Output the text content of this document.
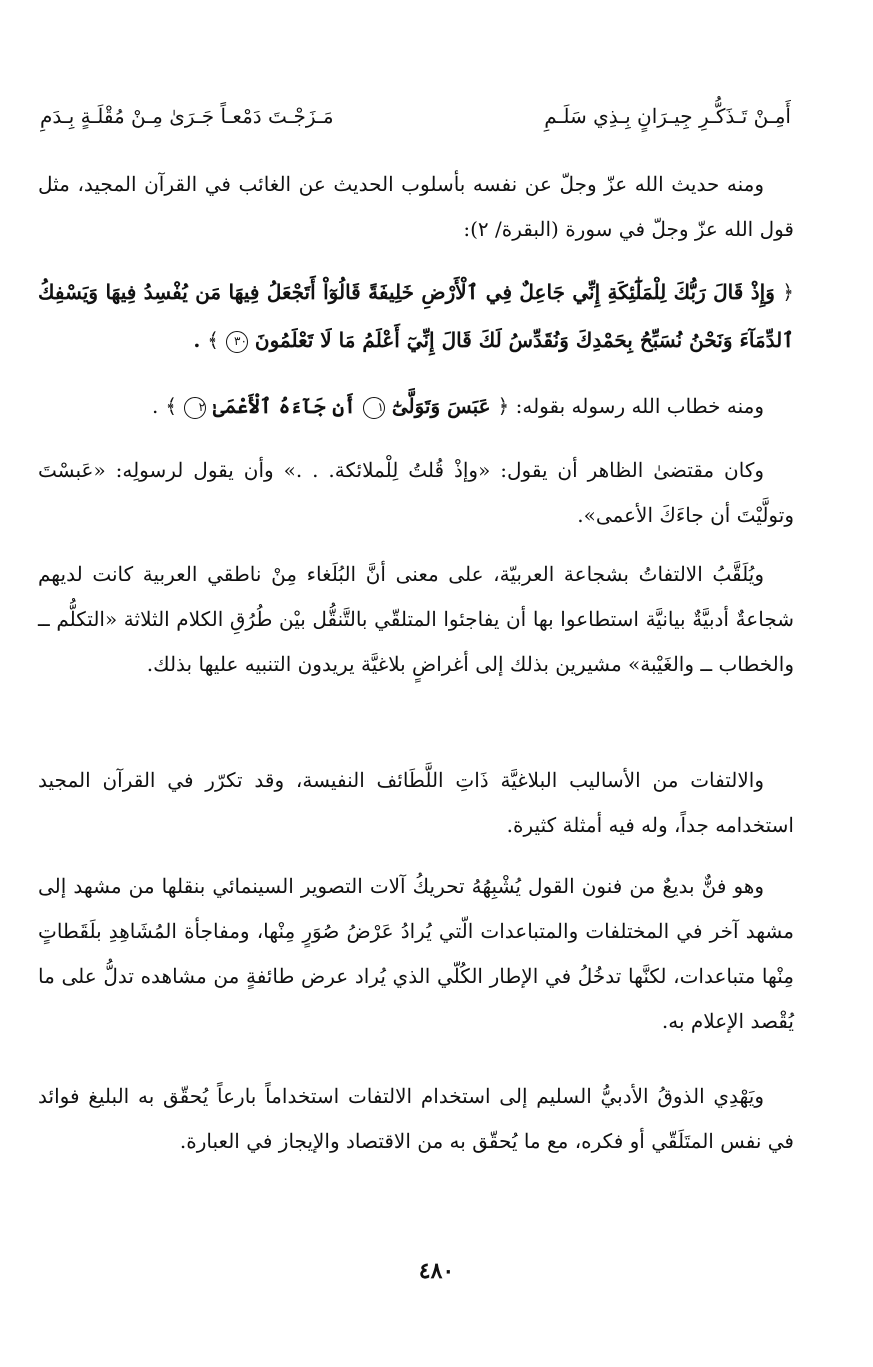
أَمِـنْ تَـذَكُّـرِ جِيـرَانٍ بِـذِي سَلَـمِ
مَـزَجْـتَ دَمْعـاً جَـرَىٰ مِـنْ مُقْلَـةٍ بِـدَمِ

ومنه حديث الله عزّ وجلّ عن نفسه بأسلوب الحديث عن الغائب في القرآن المجيد، مثل قول الله عزّ وجلّ في سورة (البقرة/ ٢):

﴿ وَإِذْ قَالَ رَبُّكَ لِلْمَلَٰٓئِكَةِ إِنِّي جَاعِلٌ فِي ٱلْأَرْضِ خَلِيفَةً قَالُوٓاْ أَتَجْعَلُ فِيهَا مَن يُفْسِدُ فِيهَا وَيَسْفِكُ ٱلدِّمَآءَ وَنَحْنُ نُسَبِّحُ بِحَمْدِكَ وَنُقَدِّسُ لَكَ قَالَ إِنِّيٓ أَعْلَمُ مَا لَا تَعْلَمُونَ ٣٠ ﴾ .

ومنه خطاب الله رسوله بقوله: ﴿ عَبَسَ وَتَوَلَّىٰٓ ١ أَن جَآءَهُ ٱلْأَعْمَىٰ ٢ ﴾ .

وكان مقتضىٰ الظاهر أن يقول: «وإذْ قُلتُ لِلْملائكة. . .» وأن يقول لرسولِه: «عَبسْتَ وتولَّيْتَ أن جاءَكَ الأعمى».

ويُلَقَّبُ الالتفاتُ بشجاعة العربيّة، على معنى أنَّ البُلَغاء مِنْ ناطقي العربية كانت لديهم شجاعةٌ أدبيَّةٌ بيانيَّة استطاعوا بها أن يفاجئوا المتلقّي بالتَّنقُّل بيْن طُرُقِ الكلام الثلاثة «التكلُّم ــ والخطاب ــ والغَيْبة» مشيرين بذلك إلى أغراضٍ بلاغيَّة يريدون التنبيه عليها بذلك.

والالتفات من الأساليب البلاغيَّة ذَاتِ اللَّطَائف النفيسة، وقد تكرّر في القرآن المجيد استخدامه جداً، وله فيه أمثلة كثيرة.

وهو فنٌّ بديعٌ من فنون القول يُشْبِهُهُ تحريكُ آلات التصوير السينمائي بنقلها من مشهد إلى مشهد آخر في المختلفات والمتباعدات الّتي يُرادُ عَرْضُ صُوَرٍ مِنْها، ومفاجأة المُشَاهِدِ بلَقَطاتٍ مِنْها متباعدات، لكنَّها تدخُلُ في الإطار الكُلّي الذي يُراد عرض طائفةٍ من مشاهده تدلُّ على ما يُقْصد الإعلام به.

ويَهْدِي الذوقُ الأدبيُّ السليم إلى استخدام الالتفات استخداماً بارعاً يُحقّق به البليغ فوائد في نفس المتَلَقّي أو فكره، مع ما يُحقّق به من الاقتصاد والإيجاز في العبارة.

٤٨٠
